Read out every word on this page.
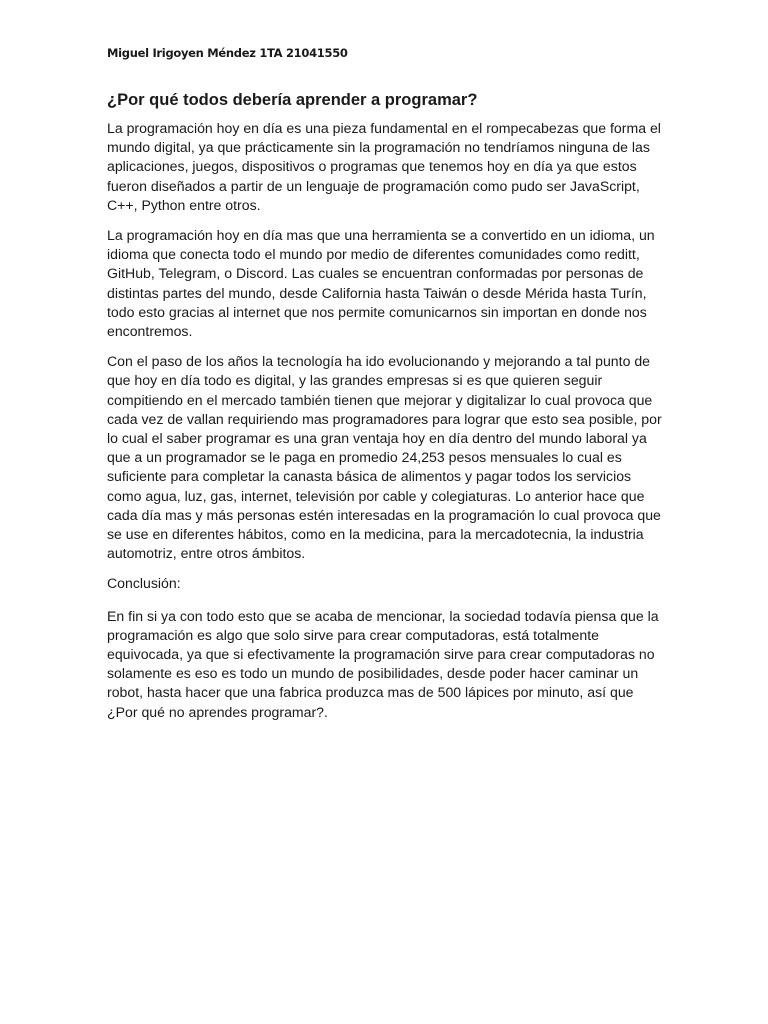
Miguel Irigoyen Méndez 1TA 21041550
¿Por qué todos debería aprender a programar?

La programación hoy en día es una pieza fundamental en el rompecabezas que forma el mundo digital, ya que prácticamente sin la programación no tendríamos ninguna de las aplicaciones, juegos, dispositivos o programas que tenemos hoy en día ya que estos fueron diseñados a partir de un lenguaje de programación como pudo ser JavaScript, C++, Python entre otros.

La programación hoy en día mas que una herramienta se a convertido en un idioma, un idioma que conecta todo el mundo por medio de diferentes comunidades como reditt, GitHub, Telegram, o Discord. Las cuales se encuentran conformadas por personas de distintas partes del mundo, desde California hasta Taiwán o desde Mérida hasta Turín, todo esto gracias al internet que nos permite comunicarnos sin importan en donde nos encontremos.

Con el paso de los años la tecnología ha ido evolucionando y mejorando a tal punto de que hoy en día todo es digital, y las grandes empresas si es que quieren seguir compitiendo en el mercado también tienen que mejorar y digitalizar lo cual provoca que cada vez de vallan requiriendo mas programadores para lograr que esto sea posible, por lo cual el saber programar es una gran ventaja hoy en día dentro del mundo laboral ya que a un programador se le paga en promedio 24,253 pesos mensuales lo cual es suficiente para completar la canasta básica de alimentos y pagar todos los servicios como agua, luz, gas, internet, televisión por cable y colegiaturas. Lo anterior hace que cada día mas y más personas estén interesadas en la programación lo cual provoca que se use en diferentes hábitos, como en la medicina, para la mercadotecnia, la industria automotriz, entre otros ámbitos.

Conclusión:

En fin si ya con todo esto que se acaba de mencionar, la sociedad todavía piensa que la programación es algo que solo sirve para crear computadoras, está totalmente equivocada, ya que si efectivamente la programación sirve para crear computadoras no solamente es eso es todo un mundo de posibilidades, desde poder hacer caminar un robot, hasta hacer que una fabrica produzca mas de 500 lápices por minuto, así que ¿Por qué no aprendes programar?.
